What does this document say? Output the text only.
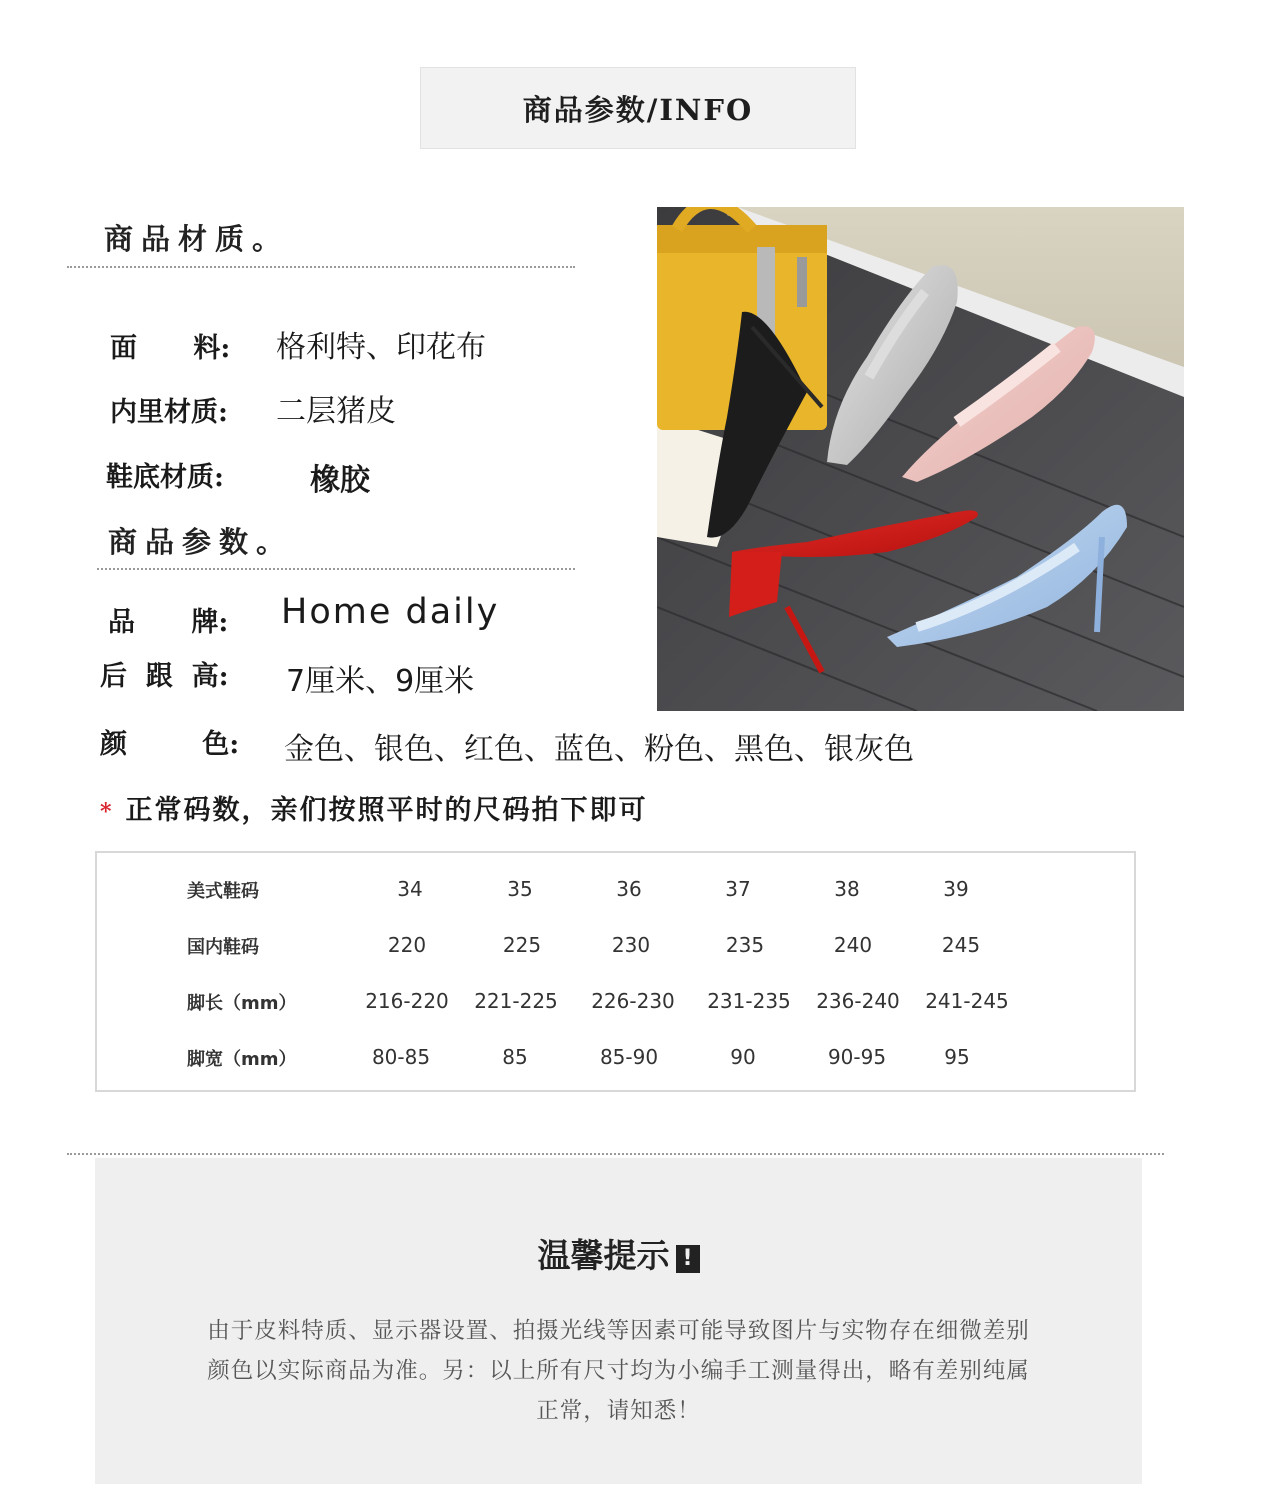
商品参数/INFO
商品材质。
面      料: 格利特、印花布
内里材质: 二层猪皮
鞋底材质:	橡胶
商品参数。
品      牌: Home daily
后  跟  高: 7厘米、9厘米
颜        色: 金色、银色、红色、蓝色、粉色、黑色、银灰色
* 正常码数，亲们按照平时的尺码拍下即可
美式鞋码	34	35	36	37	38	39
国内鞋码	220	225	230	235	240	245
脚长（mm）	216-220 221-225 226-230 231-235 236-240 241-245
脚宽（mm）	80-85	85	85-90	90	90-95	95
温馨提示 !
由于皮料特质、显示器设置、拍摄光线等因素可能导致图片与实物存在细微差别
颜色以实际商品为准。另：以上所有尺寸均为小编手工测量得出，略有差别纯属
正常，请知悉！
